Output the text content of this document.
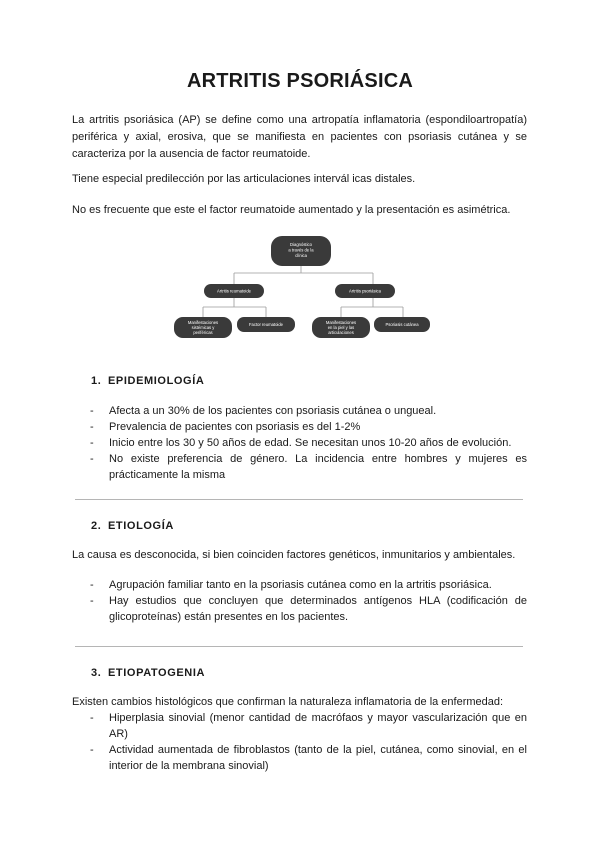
ARTRITIS PSORIÁSICA

La artritis psoriásica (AP) se define como una artropatía inflamatoria (espondiloartropatía) periférica y axial, erosiva, que se manifiesta en pacientes con psoriasis cutánea y se caracteriza por la ausencia de factor reumatoide.

Tiene especial predilección por las articulaciones intervál icas distales.

No es frecuente que este el factor reumatoide aumentado y la presentación es asimétrica.

Diagnóstico
a través de la
clínica
Artritis reumatoide	Artritis psoriásica
Manifestaciones
sistémicas y
periféricas
Factor reumatoide	Manifestaciones
en la piel y las
articulaciones
Psoriasis cutánea
1. EPIDEMIOLOGÍA
- Afecta a un 30% de los pacientes con psoriasis cutánea o ungueal.
- Prevalencia de pacientes con psoriasis es del 1-2%
- Inicio entre los 30 y 50 años de edad. Se necesitan unos 10-20 años de evolución.
- No existe preferencia de género. La incidencia entre hombres y mujeres es prácticamente la misma
2. ETIOLOGÍA

La causa es desconocida, si bien coinciden factores genéticos, inmunitarios y ambientales.

- Agrupación familiar tanto en la psoriasis cutánea como en la artritis psoriásica.
- Hay estudios que concluyen que determinados antígenos HLA (codificación de glicoproteínas) están presentes en los pacientes.
3. ETIOPATOGENIA

Existen cambios histológicos que confirman la naturaleza inflamatoria de la enfermedad:

- Hiperplasia sinovial (menor cantidad de macrófaos y mayor vascularización que en AR)
- Actividad aumentada de fibroblastos (tanto de la piel, cutánea, como sinovial, en el interior de la membrana sinovial)
